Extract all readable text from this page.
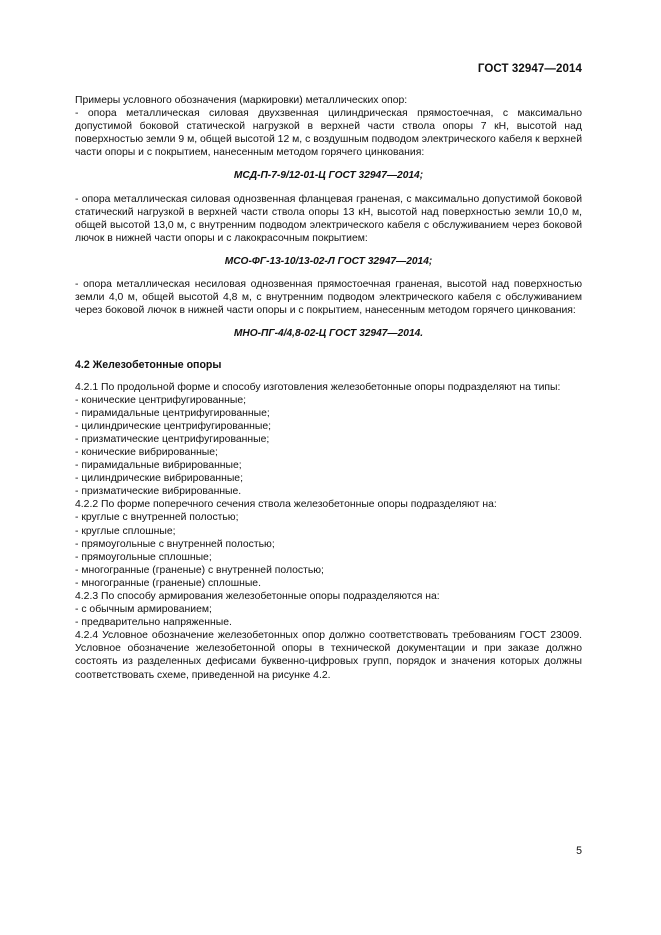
ГОСТ 32947—2014

Примеры условного обозначения (маркировки) металлических опор:

- опора металлическая силовая двухзвенная цилиндрическая прямостоечная, с максимально допустимой боковой статической нагрузкой в верхней части ствола опоры 7 кН, высотой над поверхностью земли 9 м, общей высотой 12 м, с воздушным подводом электрического кабеля к верхней части опоры и с покрытием, нанесенным методом горячего цинкования:

МСД-П-7-9/12-01-Ц ГОСТ 32947—2014;

- опора металлическая силовая однозвенная фланцевая граненая, с максимально допустимой боковой статический нагрузкой в верхней части ствола опоры 13 кН, высотой над поверхностью земли 10,0 м, общей высотой 13,0 м, с внутренним подводом электрического кабеля с обслуживанием через боковой лючок в нижней части опоры и с лакокрасочным покрытием:

МСО-ФГ-13-10/13-02-Л ГОСТ 32947—2014;

- опора металлическая несиловая однозвенная прямостоечная граненая, высотой над поверхностью земли 4,0 м, общей высотой 4,8 м, с внутренним подводом электрического кабеля с обслуживанием через боковой лючок в нижней части опоры и с покрытием, нанесенным методом горячего цинкования:

МНО-ПГ-4/4,8-02-Ц ГОСТ 32947—2014.

4.2 Железобетонные опоры

4.2.1 По продольной форме и способу изготовления железобетонные опоры подразделяют на типы:

- конические центрифугированные;

- пирамидальные центрифугированные;

- цилиндрические центрифугированные;

- призматические центрифугированные;

- конические вибрированные;

- пирамидальные вибрированные;

- цилиндрические вибрированные;

- призматические вибрированные.

4.2.2 По форме поперечного сечения ствола железобетонные опоры подразделяют на:

- круглые с внутренней полостью;

- круглые сплошные;

- прямоугольные с внутренней полостью;

- прямоугольные сплошные;

- многогранные (граненые) с внутренней полостью;

- многогранные (граненые) сплошные.

4.2.3 По способу армирования железобетонные опоры подразделяются на:

- с обычным армированием;

- предварительно напряженные.

4.2.4 Условное обозначение железобетонных опор должно соответствовать требованиям ГОСТ 23009. Условное обозначение железобетонной опоры в технической документации и при заказе должно состоять из разделенных дефисами буквенно-цифровых групп, порядок и значения которых должны соответствовать схеме, приведенной на рисунке 4.2.

5
